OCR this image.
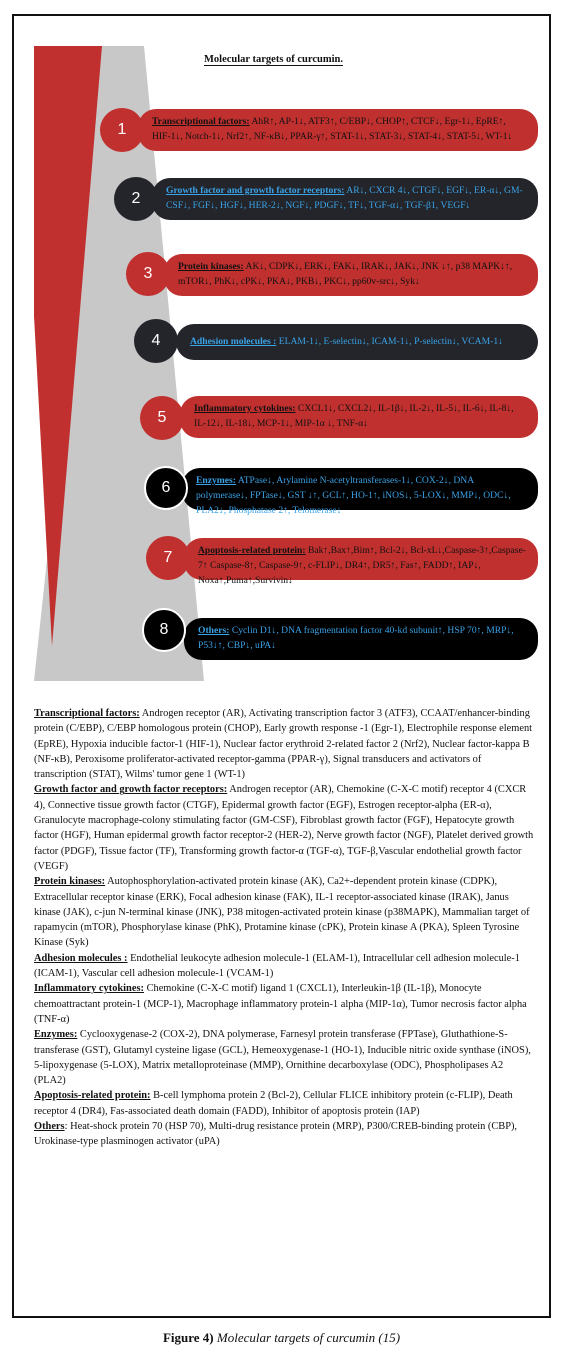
Molecular targets of curcumin.
Transcriptional factors: AhR↑, AP-1↓, ATF3↑, C/EBP↓, CHOP↑, CTCF↓, Egr-1↓, EpRE↑, HIF-1↓, Notch-1↓, Nrf2↑, NF-κB↓, PPAR-γ↑, STAT-1↓, STAT-3↓, STAT-4↓, STAT-5↓, WT-1↓
1
Growth factor and growth factor receptors: AR↓, CXCR 4↓, CTGF↓, EGF↓, ER-α↓, GM-CSF↓, FGF↓, HGF↓, HER-2↓, NGF↓, PDGF↓, TF↓, TGF-α↓, TGF-β1, VEGF↓
2
Protein kinases: AK↓, CDPK↓, ERK↓, FAK↓, IRAK↓, JAK↓, JNK ↓↑, p38 MAPK↓↑, mTOR↓, PhK↓, cPK↓, PKA↓, PKB↓, PKC↓, pp60v-src↓, Syk↓
3
Adhesion molecules : ELAM-1↓, E-selectin↓, ICAM-1↓, P-selectin↓, VCAM-1↓
4
Inflammatory cytokines: CXCL1↓, CXCL2↓, IL-1β↓, IL-2↓, IL-5↓, IL-6↓, IL-8↓, IL-12↓, IL-18↓, MCP-1↓, MIP-1α ↓, TNF-α↓
5
Enzymes: ATPase↓, Arylamine N-acetyltransferases-1↓, COX-2↓, DNA polymerase↓, FPTase↓, GST ↓↑, GCL↑, HO-1↑, iNOS↓, 5-LOX↓, MMP↓, ODC↓, PLA2↓, Phosphatase 2↑, Telomerase↓
6
Apoptosis-related protein: Bak↑,Bax↑,Bim↑, Bcl-2↓, Bcl-xL↓,Caspase-3↑,Caspase-7↑ Caspase-8↑, Caspase-9↑, c-FLIP↓, DR4↑, DR5↑, Fas↑, FADD↑, IAP↓, Noxa↑,Puma↑,Survivin↓
7
Others: Cyclin D1↓, DNA fragmentation factor 40-kd subunit↑, HSP 70↑, MRP↓, P53↓↑, CBP↓, uPA↓
8

Transcriptional factors: Androgen receptor (AR), Activating transcription factor 3 (ATF3), CCAAT/enhancer-binding protein (C/EBP), C/EBP homologous protein (CHOP), Early growth response -1 (Egr-1), Electrophile response element (EpRE), Hypoxia inducible factor-1 (HIF-1), Nuclear factor erythroid 2-related factor 2 (Nrf2), Nuclear factor-kappa B (NF-κB), Peroxisome proliferator-activated receptor-gamma (PPAR-γ), Signal transducers and activators of transcription (STAT), Wilms' tumor gene 1 (WT-1)

Growth factor and growth factor receptors: Androgen receptor (AR), Chemokine (C-X-C motif) receptor 4 (CXCR 4), Connective tissue growth factor (CTGF), Epidermal growth factor (EGF), Estrogen receptor-alpha (ER-α), Granulocyte macrophage-colony stimulating factor (GM-CSF), Fibroblast growth factor (FGF), Hepatocyte growth factor (HGF), Human epidermal growth factor receptor-2 (HER-2), Nerve growth factor (NGF), Platelet derived growth factor (PDGF), Tissue factor (TF), Transforming growth factor-α (TGF-α), TGF-β,Vascular endothelial growth factor (VEGF)

Protein kinases: Autophosphorylation-activated protein kinase (AK), Ca2+-dependent protein kinase (CDPK), Extracellular receptor kinase (ERK), Focal adhesion kinase (FAK), IL-1 receptor-associated kinase (IRAK), Janus kinase (JAK), c-jun N-terminal kinase (JNK), P38 mitogen-activated protein kinase (p38MAPK), Mammalian target of rapamycin (mTOR), Phosphorylase kinase (PhK), Protamine kinase (cPK), Protein kinase A (PKA), Spleen Tyrosine Kinase (Syk)

Adhesion molecules : Endothelial leukocyte adhesion molecule-1 (ELAM-1), Intracellular cell adhesion molecule-1 (ICAM-1), Vascular cell adhesion molecule-1 (VCAM-1)

Inflammatory cytokines: Chemokine (C-X-C motif) ligand 1 (CXCL1), Interleukin-1β (IL-1β), Monocyte chemoattractant protein-1 (MCP-1), Macrophage inflammatory protein-1 alpha (MIP-1α), Tumor necrosis factor alpha (TNF-α)

Enzymes: Cyclooxygenase-2 (COX-2), DNA polymerase, Farnesyl protein transferase (FPTase), Gluthathione-S-transferase (GST), Glutamyl cysteine ligase (GCL), Hemeoxygenase-1 (HO-1), Inducible nitric oxide synthase (iNOS), 5-lipoxygenase (5-LOX), Matrix metalloproteinase (MMP), Ornithine decarboxylase (ODC), Phospholipases A2 (PLA2)

Apoptosis-related protein: B-cell lymphoma protein 2 (Bcl-2), Cellular FLICE inhibitory protein (c-FLIP), Death receptor 4 (DR4), Fas-associated death domain (FADD), Inhibitor of apoptosis protein (IAP)

Others: Heat-shock protein 70 (HSP 70), Multi-drug resistance protein (MRP), P300/CREB-binding protein (CBP), Urokinase-type plasminogen activator (uPA)

Figure 4) Molecular targets of curcumin (15)
